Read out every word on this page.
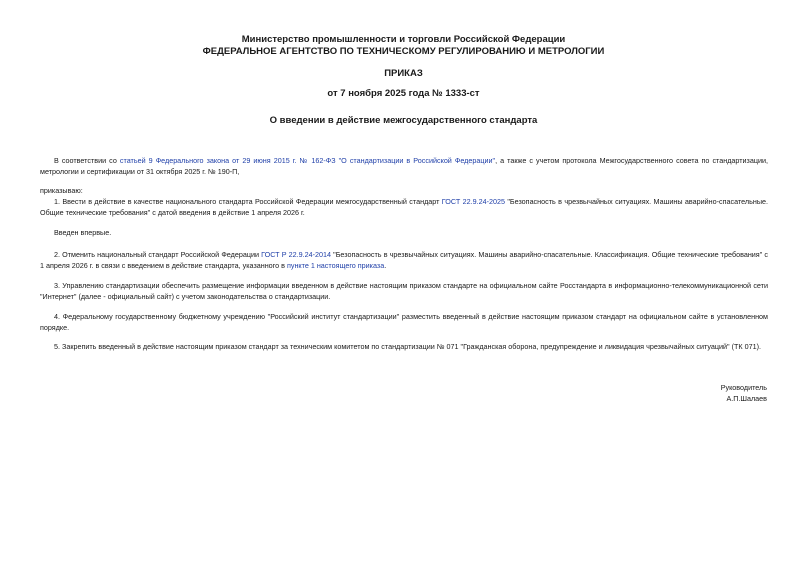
Министерство промышленности и торговли Российской Федерации
ФЕДЕРАЛЬНОЕ АГЕНТСТВО ПО ТЕХНИЧЕСКОМУ РЕГУЛИРОВАНИЮ И МЕТРОЛОГИИ
ПРИКАЗ
от 7 ноября 2025 года № 1333-ст
О введении в действие межгосударственного стандарта
В соответствии со статьей 9 Федерального закона от 29 июня 2015 г. № 162-ФЗ "О стандартизации в Российской Федерации", а также с учетом протокола Межгосударственного совета по стандартизации, метрологии и сертификации от 31 октября 2025 г. № 190-П,
приказываю:
1. Ввести в действие в качестве национального стандарта Российской Федерации межгосударственный стандарт ГОСТ 22.9.24-2025 "Безопасность в чрезвычайных ситуациях. Машины аварийно-спасательные. Общие технические требования" с датой введения в действие 1 апреля 2026 г.
Введен впервые.
2. Отменить национальный стандарт Российской Федерации ГОСТ Р 22.9.24-2014 "Безопасность в чрезвычайных ситуациях. Машины аварийно-спасательные. Классификация. Общие технические требования" с 1 апреля 2026 г. в связи с введением в действие стандарта, указанного в пункте 1 настоящего приказа.
3. Управлению стандартизации обеспечить размещение информации введенном в действие настоящим приказом стандарте на официальном сайте Росстандарта в информационно-телекоммуникационной сети "Интернет" (далее - официальный сайт) с учетом законодательства о стандартизации.
4. Федеральному государственному бюджетному учреждению "Российский институт стандартизации" разместить введенный в действие настоящим приказом стандарт на официальном сайте в установленном порядке.
5. Закрепить введенный в действие настоящим приказом стандарт за техническим комитетом по стандартизации № 071 "Гражданская оборона, предупреждение и ликвидация чрезвычайных ситуаций" (ТК 071).
Руководитель
А.П.Шалаев
